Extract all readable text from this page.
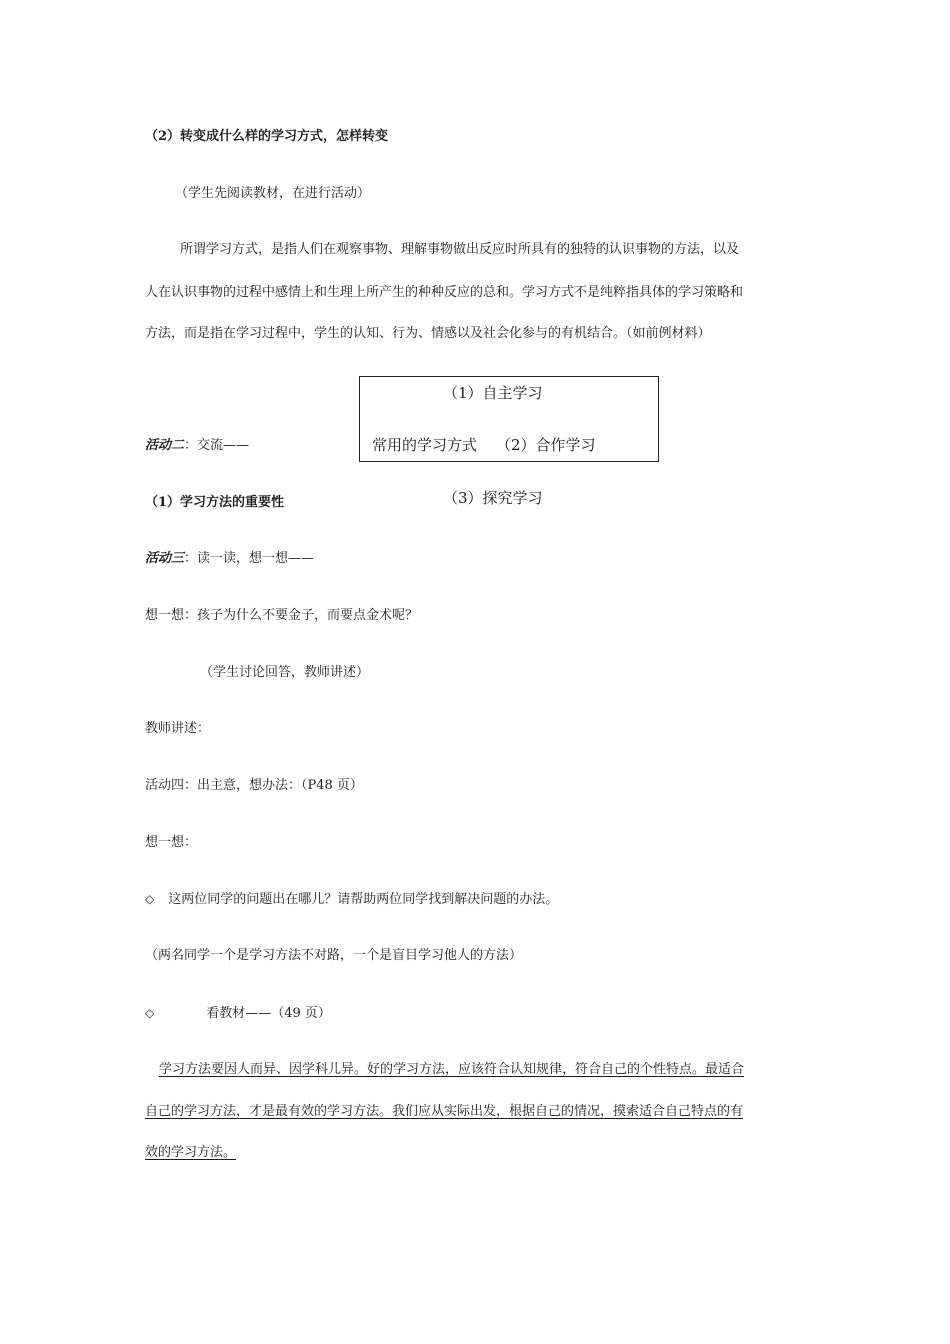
（2）转变成什么样的学习方式，怎样转变
（学生先阅读教材，在进行活动）
所谓学习方式，是指人们在观察事物、理解事物做出反应时所具有的独特的认识事物的方法，以及
人在认识事物的过程中感情上和生理上所产生的种种反应的总和。学习方式不是纯粹指具体的学习策略和
方法，而是指在学习过程中，学生的认知、行为、情感以及社会化参与的有机结合。（如前例材料）
（1）自主学习
常用的学习方式 （2）合作学习
（3）探究学习
活动二：交流——
（1）学习方法的重要性
活动三：读一读，想一想——
想一想：孩子为什么不要金子，而要点金术呢？
（学生讨论回答，教师讲述）
教师讲述：
活动四：出主意，想办法：（P48 页）
想一想：
◇ 这两位同学的问题出在哪儿？请帮助两位同学找到解决问题的办法。
（两名同学一个是学习方法不对路，一个是盲目学习他人的方法）
◇	看教材——（49 页）
学习方法要因人而异、因学科儿异。好的学习方法，应该符合认知规律，符合自己的个性特点。最适合
自己的学习方法，才是最有效的学习方法。我们应从实际出发，根据自己的情况，摸索适合自己特点的有
效的学习方法。
